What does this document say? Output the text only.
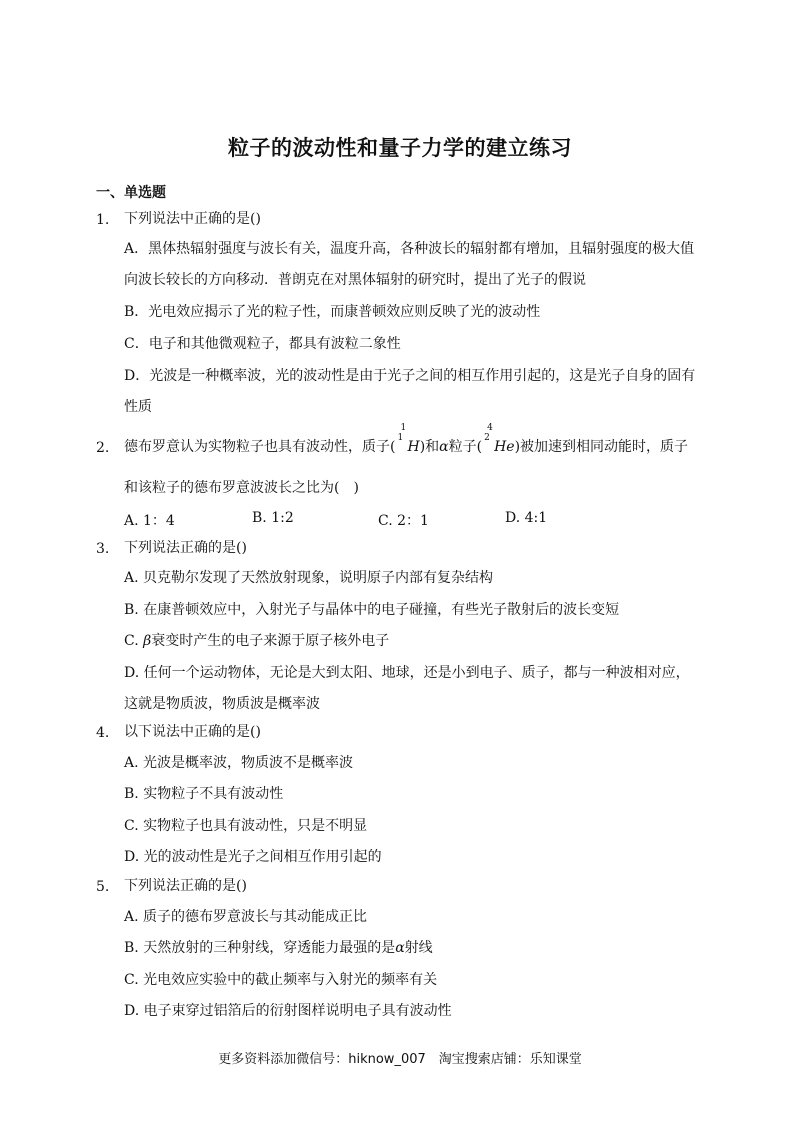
粒子的波动性和量子力学的建立练习
一、单选题
1. 下列说法中正确的是()
A．黑体热辐射强度与波长有关，温度升高，各种波长的辐射都有增加，且辐射强度的极大值
向波长较长的方向移动．普朗克在对黑体辐射的研究时，提出了光子的假说
B．光电效应揭示了光的粒子性，而康普顿效应则反映了光的波动性
C．电子和其他微观粒子，都具有波粒二象性
D．光波是一种概率波，光的波动性是由于光子之间的相互作用引起的，这是光子自身的固有
性质
2. 德布罗意认为实物粒子也具有波动性，质子(
1
1
H)和α粒子(
4
2
He)被加速到相同动能时，质子
和该粒子的德布罗意波波长之比为(　)
A. 1：4	B. 1:2	C. 2：1	D. 4:1
3. 下列说法正确的是()
A. 贝克勒尔发现了天然放射现象，说明原子内部有复杂结构
B. 在康普顿效应中，入射光子与晶体中的电子碰撞，有些光子散射后的波长变短
C. β衰变时产生的电子来源于原子核外电子
D. 任何一个运动物体，无论是大到太阳、地球，还是小到电子、质子，都与一种波相对应，
这就是物质波，物质波是概率波
4. 以下说法中正确的是()
A. 光波是概率波，物质波不是概率波
B. 实物粒子不具有波动性
C. 实物粒子也具有波动性，只是不明显
D. 光的波动性是光子之间相互作用引起的
5. 下列说法正确的是()
A. 质子的德布罗意波长与其动能成正比
B. 天然放射的三种射线，穿透能力最强的是α射线
C. 光电效应实验中的截止频率与入射光的频率有关
D. 电子束穿过铝箔后的衍射图样说明电子具有波动性
更多资料添加微信号：hiknow_007　淘宝搜索店铺：乐知课堂
